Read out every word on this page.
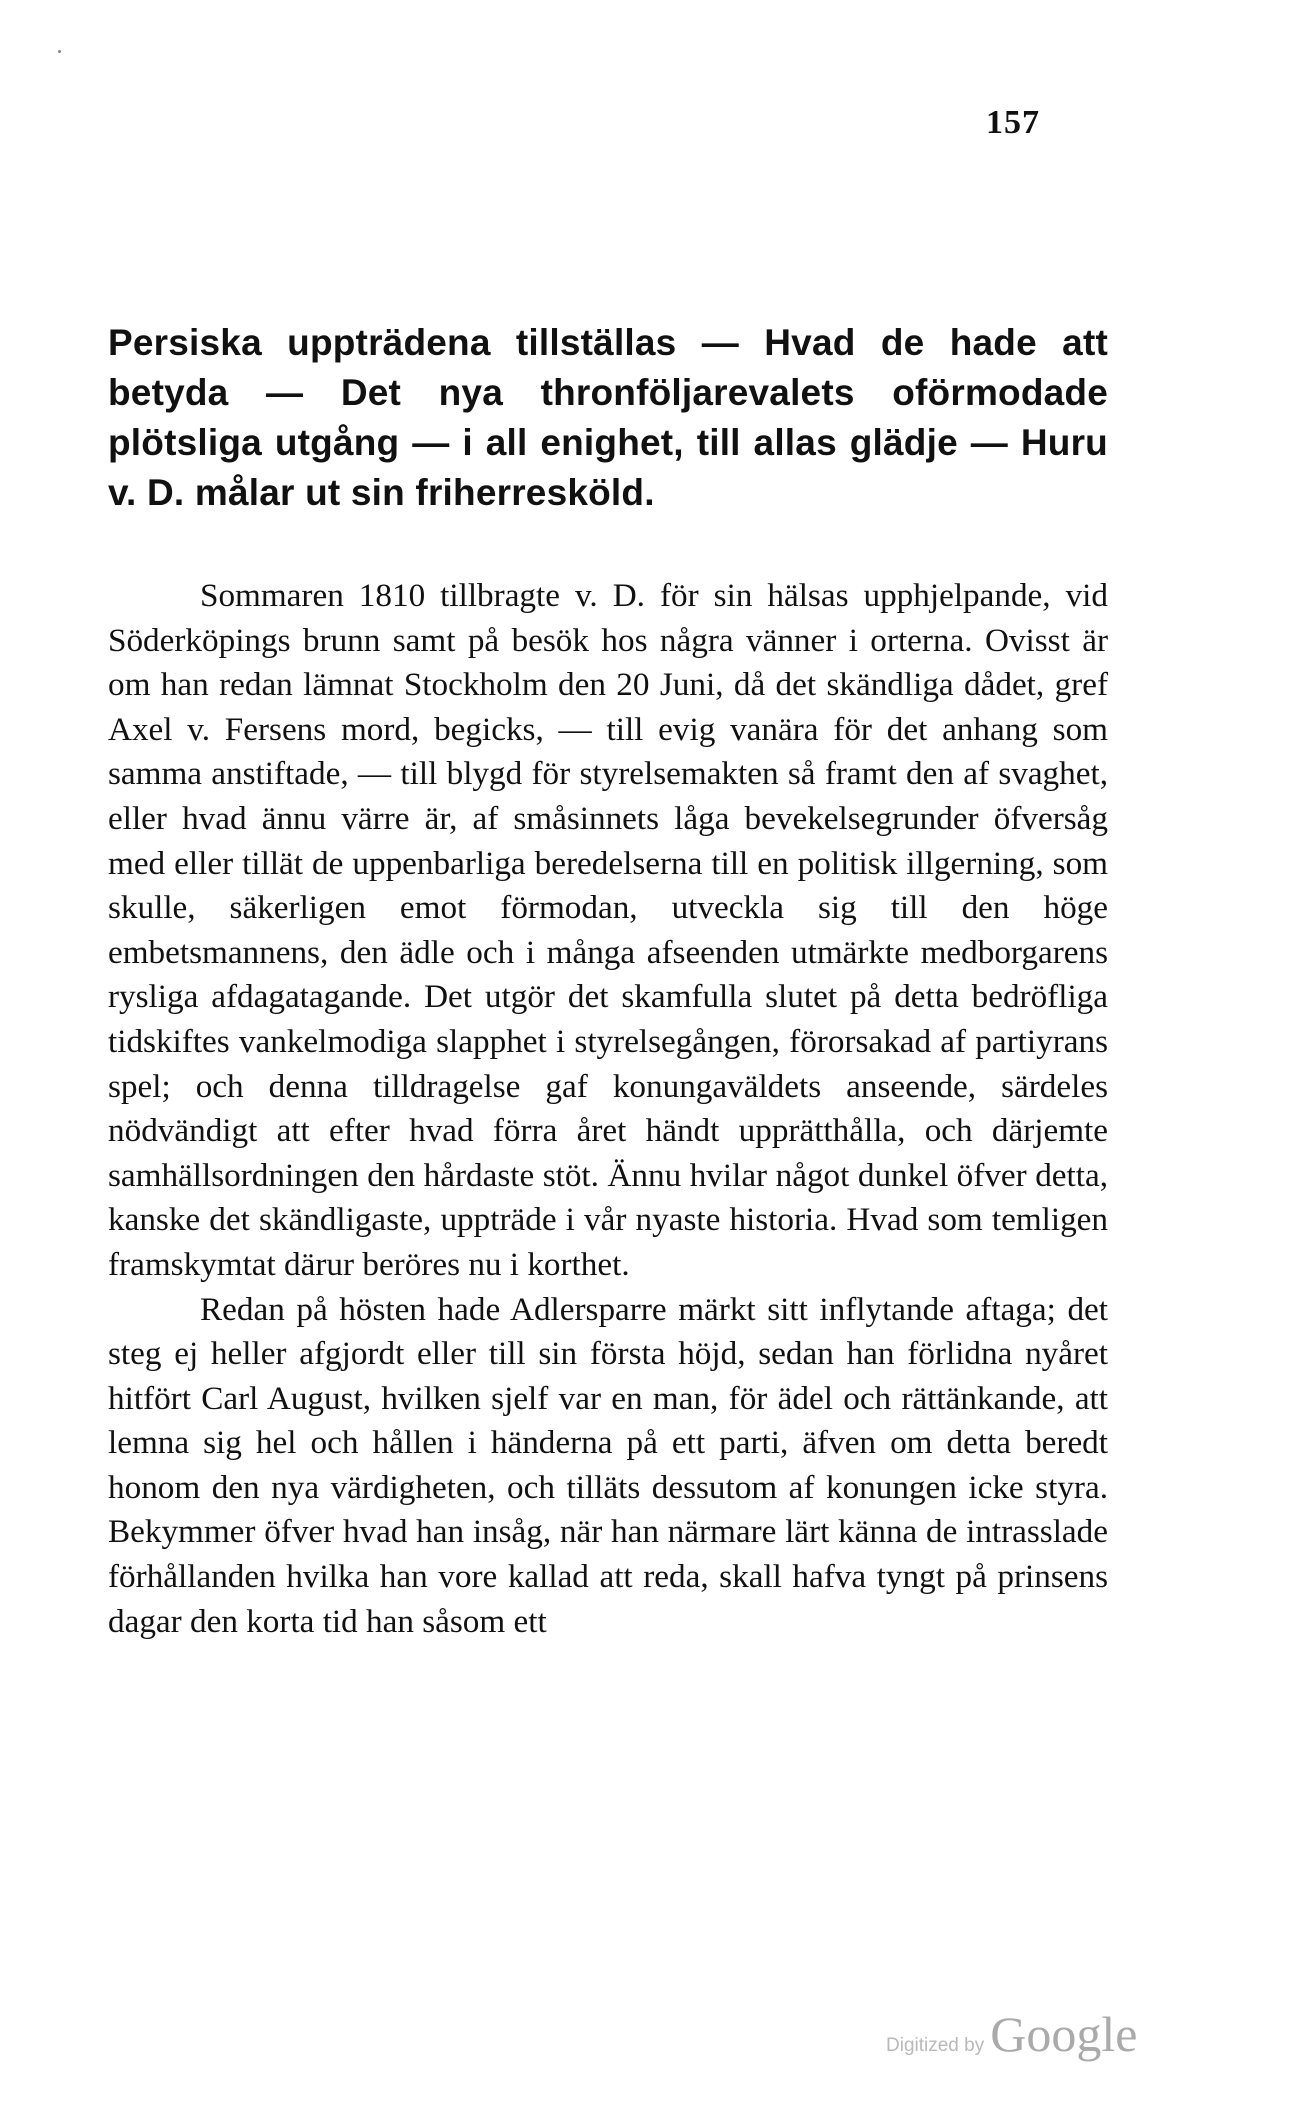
157
Persiska uppträdena tillställas — Hvad de hade att betyda — Det nya thronföljarevalets oförmodade plötsliga utgång — i all enighet, till allas glädje — Huru v. D. målar ut sin friherresköld.

Sommaren 1810 tillbragte v. D. för sin hälsas upphjelpande, vid Söderköpings brunn samt på besök hos några vänner i orterna. Ovisst är om han redan lämnat Stockholm den 20 Juni, då det skändliga dådet, gref Axel v. Fersens mord, begicks, — till evig vanära för det anhang som samma anstiftade, — till blygd för styrelsemakten så framt den af svaghet, eller hvad ännu värre är, af småsinnets låga bevekelsegrunder öfversåg med eller tillät de uppenbarliga beredelserna till en politisk illgerning, som skulle, säkerligen emot förmodan, utveckla sig till den höge embetsmannens, den ädle och i många afseenden utmärkte medborgarens rysliga afdagatagande. Det utgör det skamfulla slutet på detta bedröfliga tidskiftes vankelmodiga slapphet i styrelsegången, förorsakad af partiyrans spel; och denna tilldragelse gaf konungaväldets anseende, särdeles nödvändigt att efter hvad förra året händt upprätthålla, och därjemte samhällsordningen den hårdaste stöt. Ännu hvilar något dunkel öfver detta, kanske det skändligaste, uppträde i vår nyaste historia. Hvad som temligen framskymtat därur beröres nu i korthet.

Redan på hösten hade Adlersparre märkt sitt inflytande aftaga; det steg ej heller afgjordt eller till sin första höjd, sedan han förlidna nyåret hitfört Carl August, hvilken sjelf var en man, för ädel och rättänkande, att lemna sig hel och hållen i händerna på ett parti, äfven om detta beredt honom den nya värdigheten, och tilläts dessutom af konungen icke styra. Bekymmer öfver hvad han insåg, när han närmare lärt känna de intrasslade förhållanden hvilka han vore kallad att reda, skall hafva tyngt på prinsens dagar den korta tid han såsom ett

Digitized by Google
